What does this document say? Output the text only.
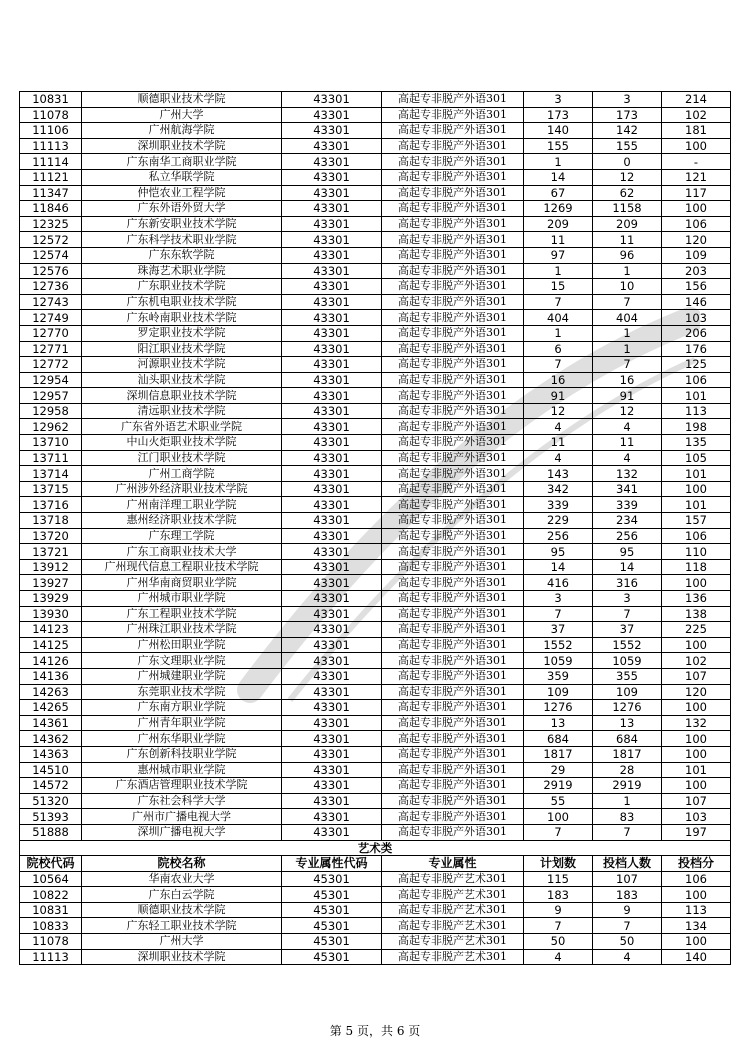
10831	顺德职业技术学院	43301	高起专非脱产外语301	3	3	214
11078	广州大学	43301	高起专非脱产外语301	173	173	102
11106	广州航海学院	43301	高起专非脱产外语301	140	142	181
11113	深圳职业技术学院	43301	高起专非脱产外语301	155	155	100
11114	广东南华工商职业学院	43301	高起专非脱产外语301	1	0	-
11121	私立华联学院	43301	高起专非脱产外语301	14	12	121
11347	仲恺农业工程学院	43301	高起专非脱产外语301	67	62	117
11846	广东外语外贸大学	43301	高起专非脱产外语301	1269	1158	100
12325	广东新安职业技术学院	43301	高起专非脱产外语301	209	209	106
12572	广东科学技术职业学院	43301	高起专非脱产外语301	11	11	120
12574	广东东软学院	43301	高起专非脱产外语301	97	96	109
12576	珠海艺术职业学院	43301	高起专非脱产外语301	1	1	203
12736	广东职业技术学院	43301	高起专非脱产外语301	15	10	156
12743	广东机电职业技术学院	43301	高起专非脱产外语301	7	7	146
12749	广东岭南职业技术学院	43301	高起专非脱产外语301	404	404	103
12770	罗定职业技术学院	43301	高起专非脱产外语301	1	1	206
12771	阳江职业技术学院	43301	高起专非脱产外语301	6	1	176
12772	河源职业技术学院	43301	高起专非脱产外语301	7	7	125
12954	汕头职业技术学院	43301	高起专非脱产外语301	16	16	106
12957	深圳信息职业技术学院	43301	高起专非脱产外语301	91	91	101
12958	清远职业技术学院	43301	高起专非脱产外语301	12	12	113
12962	广东省外语艺术职业学院	43301	高起专非脱产外语301	4	4	198
13710	中山火炬职业技术学院	43301	高起专非脱产外语301	11	11	135
13711	江门职业技术学院	43301	高起专非脱产外语301	4	4	105
13714	广州工商学院	43301	高起专非脱产外语301	143	132	101
13715	广州涉外经济职业技术学院	43301	高起专非脱产外语301	342	341	100
13716	广州南洋理工职业学院	43301	高起专非脱产外语301	339	339	101
13718	惠州经济职业技术学院	43301	高起专非脱产外语301	229	234	157
13720	广东理工学院	43301	高起专非脱产外语301	256	256	106
13721	广东工商职业技术大学	43301	高起专非脱产外语301	95	95	110
13912	广州现代信息工程职业技术学院	43301	高起专非脱产外语301	14	14	118
13927	广州华南商贸职业学院	43301	高起专非脱产外语301	416	316	100
13929	广州城市职业学院	43301	高起专非脱产外语301	3	3	136
13930	广东工程职业技术学院	43301	高起专非脱产外语301	7	7	138
14123	广州珠江职业技术学院	43301	高起专非脱产外语301	37	37	225
14125	广州松田职业学院	43301	高起专非脱产外语301	1552	1552	100
14126	广东文理职业学院	43301	高起专非脱产外语301	1059	1059	102
14136	广州城建职业学院	43301	高起专非脱产外语301	359	355	107
14263	东莞职业技术学院	43301	高起专非脱产外语301	109	109	120
14265	广东南方职业学院	43301	高起专非脱产外语301	1276	1276	100
14361	广州青年职业学院	43301	高起专非脱产外语301	13	13	132
14362	广州东华职业学院	43301	高起专非脱产外语301	684	684	100
14363	广东创新科技职业学院	43301	高起专非脱产外语301	1817	1817	100
14510	惠州城市职业学院	43301	高起专非脱产外语301	29	28	101
14572	广东酒店管理职业技术学院	43301	高起专非脱产外语301	2919	2919	100
51320	广东社会科学大学	43301	高起专非脱产外语301	55	1	107
51393	广州市广播电视大学	43301	高起专非脱产外语301	100	83	103
51888	深圳广播电视大学	43301	高起专非脱产外语301	7	7	197
艺术类						
院校代码	院校名称	专业属性代码	专业属性	计划数	投档人数	投档分
10564	华南农业大学	45301	高起专非脱产艺术301	115	107	106
10822	广东白云学院	45301	高起专非脱产艺术301	183	183	100
10831	顺德职业技术学院	45301	高起专非脱产艺术301	9	9	113
10833	广东轻工职业技术学院	45301	高起专非脱产艺术301	7	7	134
11078	广州大学	45301	高起专非脱产艺术301	50	50	100
11113	深圳职业技术学院	45301	高起专非脱产艺术301	4	4	140
第 5 页，共 6 页
